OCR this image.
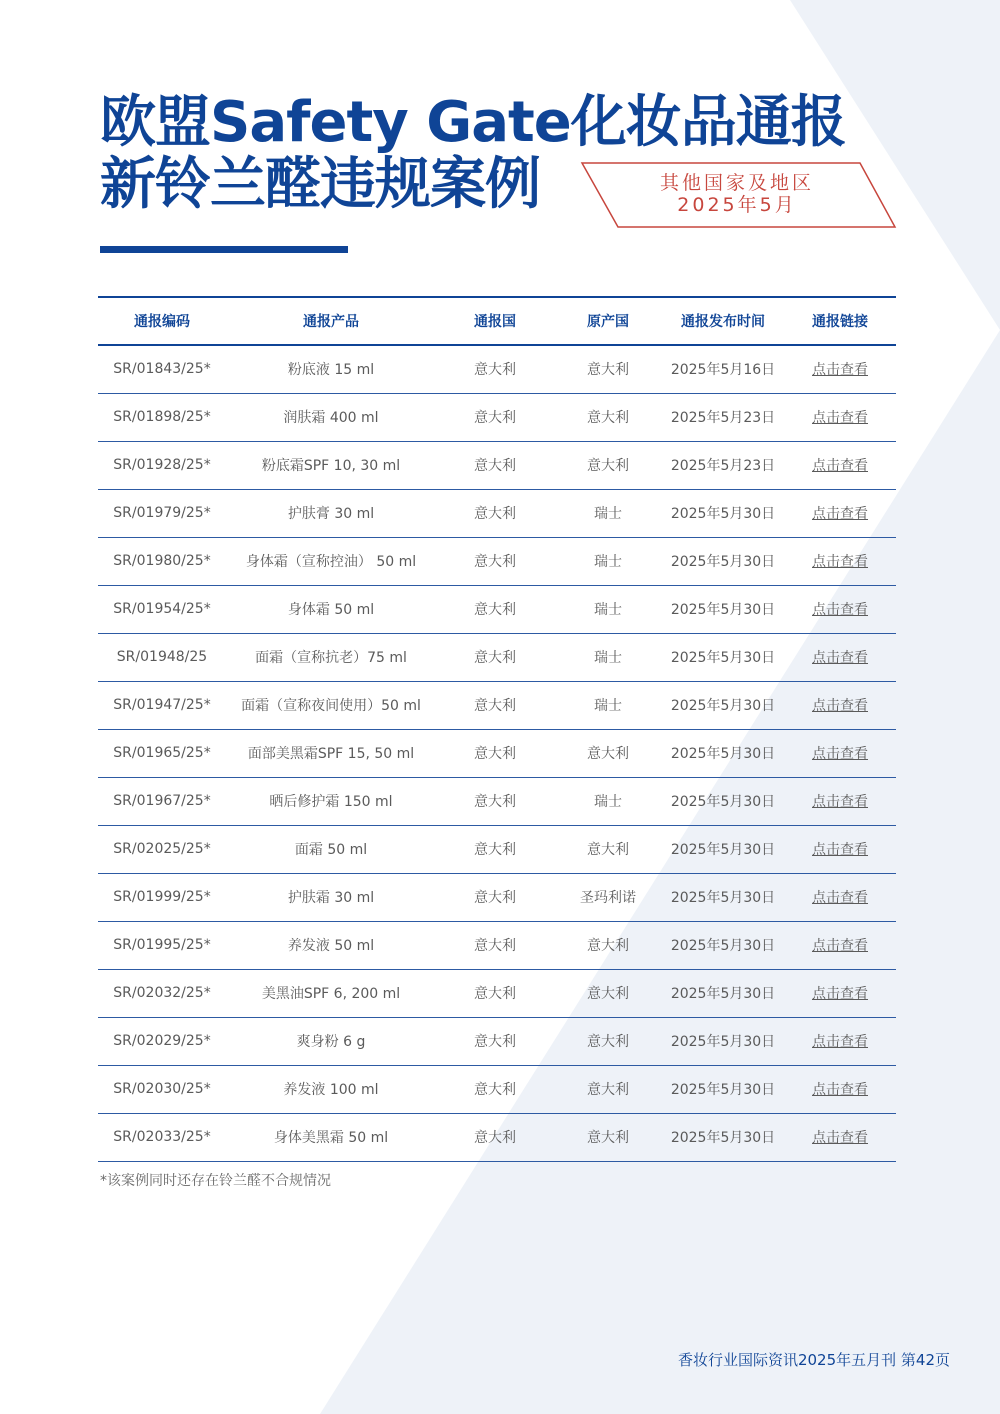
欧盟Safety Gate化妆品通报
新铃兰醛违规案例	其他国家及地区
2025年5月
通报编码	通报产品	通报国	原产国	通报发布时间	通报链接
SR/01843/25*	粉底液 15 ml	意大利	意大利	2025年5月16日	点击查看
SR/01898/25*	润肤霜 400 ml	意大利	意大利	2025年5月23日	点击查看
SR/01928/25*	粉底霜SPF 10, 30 ml	意大利	意大利	2025年5月23日	点击查看
SR/01979/25*	护肤膏 30 ml	意大利	瑞士	2025年5月30日	点击查看
SR/01980/25*	身体霜（宣称控油） 50 ml	意大利	瑞士	2025年5月30日	点击查看
SR/01954/25*	身体霜 50 ml	意大利	瑞士	2025年5月30日	点击查看
SR/01948/25	面霜（宣称抗老）75 ml	意大利	瑞士	2025年5月30日	点击查看
SR/01947/25*	面霜（宣称夜间使用）50 ml	意大利	瑞士	2025年5月30日	点击查看
SR/01965/25*	面部美黑霜SPF 15, 50 ml	意大利	意大利	2025年5月30日	点击查看
SR/01967/25*	晒后修护霜 150 ml	意大利	瑞士	2025年5月30日	点击查看
SR/02025/25*	面霜 50 ml	意大利	意大利	2025年5月30日	点击查看
SR/01999/25*	护肤霜 30 ml	意大利	圣玛利诺	2025年5月30日	点击查看
SR/01995/25*	养发液 50 ml	意大利	意大利	2025年5月30日	点击查看
SR/02032/25*	美黑油SPF 6, 200 ml	意大利	意大利	2025年5月30日	点击查看
SR/02029/25*	爽身粉 6 g	意大利	意大利	2025年5月30日	点击查看
SR/02030/25*	养发液 100 ml	意大利	意大利	2025年5月30日	点击查看
SR/02033/25*	身体美黑霜 50 ml	意大利	意大利	2025年5月30日	点击查看
*该案例同时还存在铃兰醛不合规情况
香妆行业国际资讯2025年五月刊 第42页
